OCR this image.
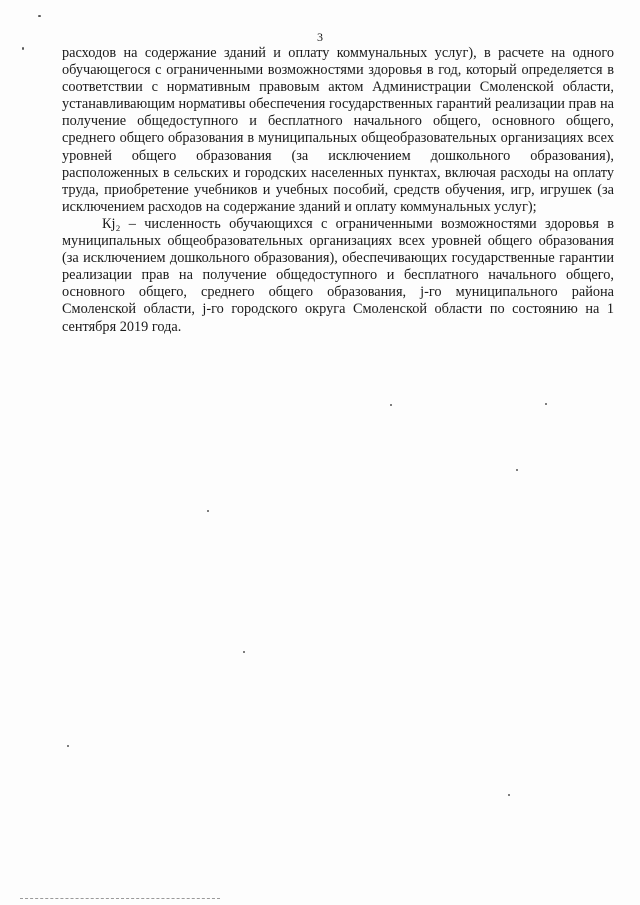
3

расходов на содержание зданий и оплату коммунальных услуг), в расчете на одного обучающегося с ограниченными возможностями здоровья в год, который определяется в соответствии с нормативным правовым актом Администрации Смоленской области, устанавливающим нормативы обеспечения государственных гарантий реализации прав на получение общедоступного и бесплатного начального общего, основного общего, среднего общего образования в муниципальных общеобразовательных организациях всех уровней общего образования (за исключением дошкольного образования), расположенных в сельских и городских населенных пунктах, включая расходы на оплату труда, приобретение учебников и учебных пособий, средств обучения, игр, игрушек (за исключением расходов на содержание зданий и оплату коммунальных услуг);

Кj₂ – численность обучающихся с ограниченными возможностями здоровья в муниципальных общеобразовательных организациях всех уровней общего образования (за исключением дошкольного образования), обеспечивающих государственные гарантии реализации прав на получение общедоступного и бесплатного начального общего, основного общего, среднего общего образования, j-го муниципального района Смоленской области, j-го городского округа Смоленской области по состоянию на 1 сентября 2019 года.
